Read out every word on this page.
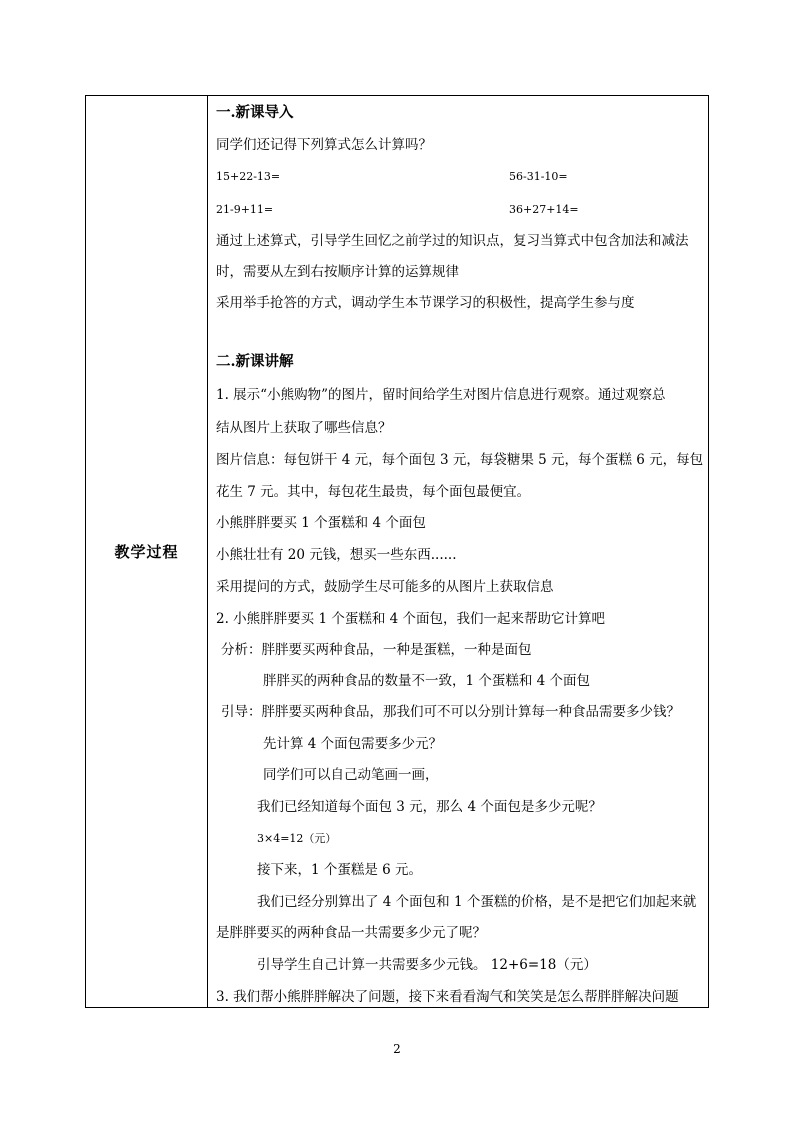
教学过程
一.新课导入
同学们还记得下列算式怎么计算吗？
15+22-13=	56-31-10=
21-9+11=	36+27+14=
通过上述算式，引导学生回忆之前学过的知识点，复习当算式中包含加法和减法
时，需要从左到右按顺序计算的运算规律
采用举手抢答的方式，调动学生本节课学习的积极性，提高学生参与度
二.新课讲解
1. 展示“小熊购物”的图片，留时间给学生对图片信息进行观察。通过观察总
结从图片上获取了哪些信息？
图片信息：每包饼干 4 元，每个面包 3 元，每袋糖果 5 元，每个蛋糕 6 元，每包
花生 7 元。其中，每包花生最贵，每个面包最便宜。
小熊胖胖要买 1 个蛋糕和 4 个面包
小熊壮壮有 20 元钱，想买一些东西......
采用提问的方式，鼓励学生尽可能多的从图片上获取信息
2. 小熊胖胖要买 1 个蛋糕和 4 个面包，我们一起来帮助它计算吧
分析：胖胖要买两种食品，一种是蛋糕，一种是面包
胖胖买的两种食品的数量不一致，1 个蛋糕和 4 个面包
引导：胖胖要买两种食品，那我们可不可以分别计算每一种食品需要多少钱？
先计算 4 个面包需要多少元？
同学们可以自己动笔画一画，
我们已经知道每个面包 3 元，那么 4 个面包是多少元呢？
3×4=12（元）
接下来，1 个蛋糕是 6 元。
我们已经分别算出了 4 个面包和 1 个蛋糕的价格，是不是把它们加起来就
是胖胖要买的两种食品一共需要多少元了呢？
引导学生自己计算一共需要多少元钱。 12+6=18（元）
3. 我们帮小熊胖胖解决了问题，接下来看看淘气和笑笑是怎么帮胖胖解决问题
2
